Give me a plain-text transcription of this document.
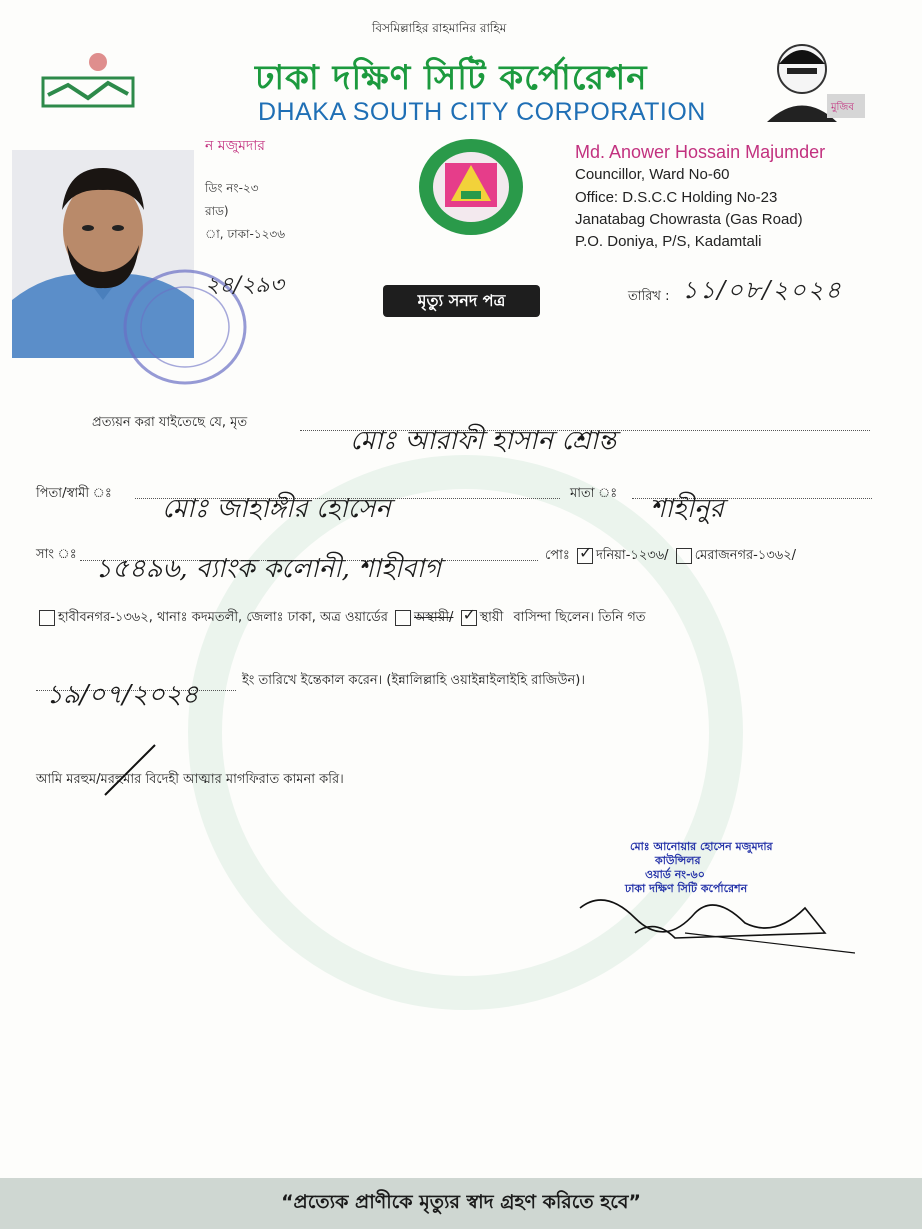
বিসমিল্লাহির রাহমানির রাহিম
ঢাকা দক্ষিণ সিটি কর্পোরেশন
DHAKA SOUTH CITY CORPORATION	মুজিব
ন মজুমদার
ডিং নং-২৩
রাড)
া, ঢাকা-১২৩৬
Md. Anower Hossain Majumder
Councillor, Ward No-60
Office: D.S.C.C Holding No-23
Janatabag Chowrasta (Gas Road)
P.O. Doniya, P/S, Kadamtali
২৪/২৯৩
মৃত্যু সনদ পত্র	তারিখ : ১১/০৮/২০২৪
প্রত্যয়ন করা যাইতেছে যে, মৃত
মোঃ আরাফী হাসান শ্রোন্ত
পিতা/স্বামী ঃ
মোঃ জাহাঙ্গীর হোসেন
মাতা ঃ
শাহীনুর
সাং ঃ ১৫৪৯৬, ব্যাংক কলোনী, শাহীবাগ	পোঃ ✓ দনিয়া-১২৩৬/ মেরাজনগর-১৩৬২/
হাবীবনগর-১৩৬২, থানাঃ কদমতলী, জেলাঃ ঢাকা, অত্র ওয়ার্ডের অস্থায়ী/ ✓ স্থায়ী বাসিন্দা ছিলেন। তিনি গত
১৯/০৭/২০২৪	ইং তারিখে ইন্তেকাল করেন। (ইন্নালিল্লাহি ওয়াইন্নাইলাইহি রাজিউন)।
আমি মরহুম/মরহুমার বিদেহী আত্মার মাগফিরাত কামনা করি।
মোঃ আনোয়ার হোসেন মজুমদার
কাউন্সিলর
ওয়ার্ড নং-৬০
ঢাকা দক্ষিণ সিটি কর্পোরেশন
“প্রত্যেক প্রাণীকে মৃত্যুর স্বাদ গ্রহণ করিতে হবে”
